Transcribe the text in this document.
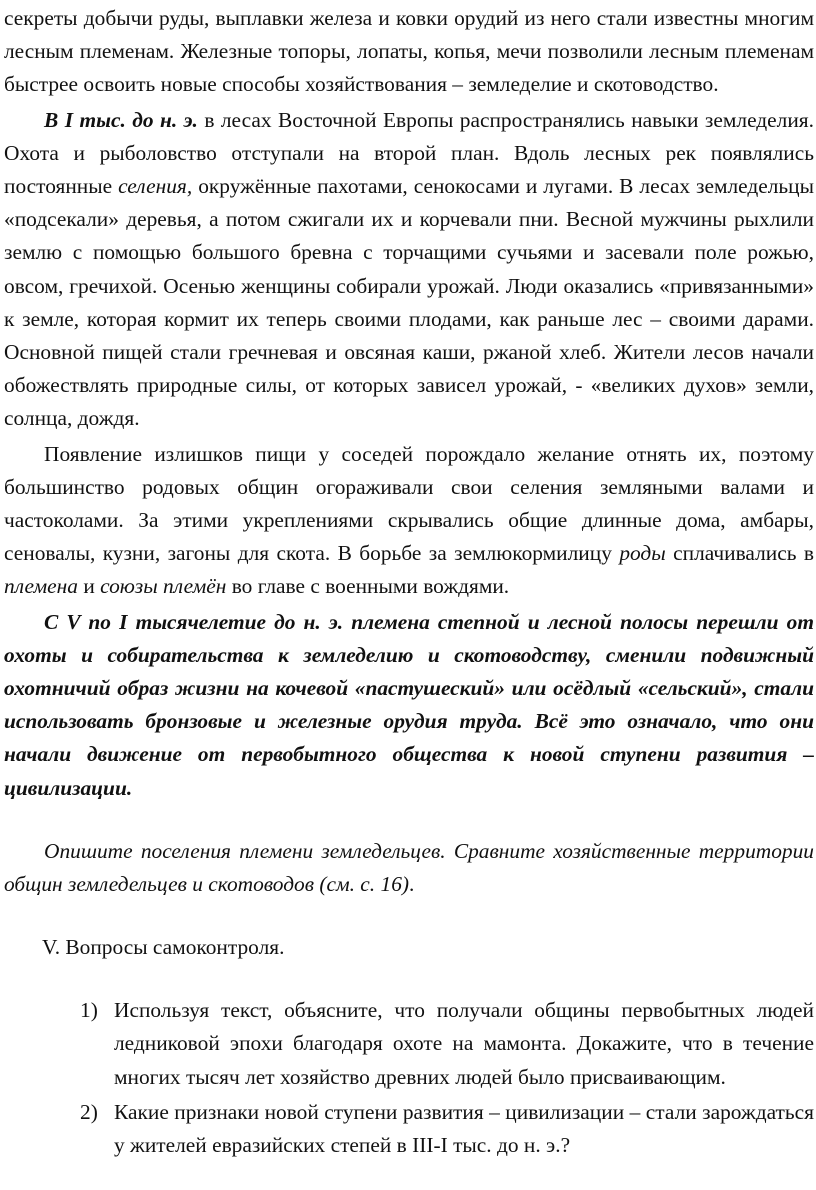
секреты добычи руды, выплавки железа и ковки орудий из него стали известны многим лесным племенам. Железные топоры, лопаты, копья, мечи позволили лесным племенам быстрее освоить новые способы хозяйствования – земледелие и скотоводство.

В I тыс. до н. э. в лесах Восточной Европы распространялись навыки земледелия. Охота и рыболовство отступали на второй план. Вдоль лесных рек появлялись постоянные селения, окружённые пахотами, сенокосами и лугами. В лесах земледельцы «подсекали» деревья, а потом сжигали их и корчевали пни. Весной мужчины рыхлили землю с помощью большого бревна с торчащими сучьями и засевали поле рожью, овсом, гречихой. Осенью женщины собирали урожай. Люди оказались «привязанными» к земле, которая кормит их теперь своими плодами, как раньше лес – своими дарами. Основной пищей стали гречневая и овсяная каши, ржаной хлеб. Жители лесов начали обожествлять природные силы, от которых зависел урожай, - «великих духов» земли, солнца, дождя.

Появление излишков пищи у соседей порождало желание отнять их, поэтому большинство родовых общин огораживали свои селения земляными валами и частоколами. За этими укреплениями скрывались общие длинные дома, амбары, сеновалы, кузни, загоны для скота. В борьбе за землюкормилицу роды сплачивались в племена и союзы племён во главе с военными вождями.

С V по I тысячелетие до н. э. племена степной и лесной полосы перешли от охоты и собирательства к земледелию и скотоводству, сменили подвижный охотничий образ жизни на кочевой «пастушеский» или осёдлый «сельский», стали использовать бронзовые и железные орудия труда. Всё это означало, что они начали движение от первобытного общества к новой ступени развития – цивилизации.

Опишите поселения племени земледельцев. Сравните хозяйственные территории общин земледельцев и скотоводов (см. с. 16).

V. Вопросы самоконтроля.
1) Используя текст, объясните, что получали общины первобытных людей ледниковой эпохи благодаря охоте на мамонта. Докажите, что в течение многих тысяч лет хозяйство древних людей было присваивающим.
2) Какие признаки новой ступени развития – цивилизации – стали зарождаться у жителей евразийских степей в III-I тыс. до н. э.?
